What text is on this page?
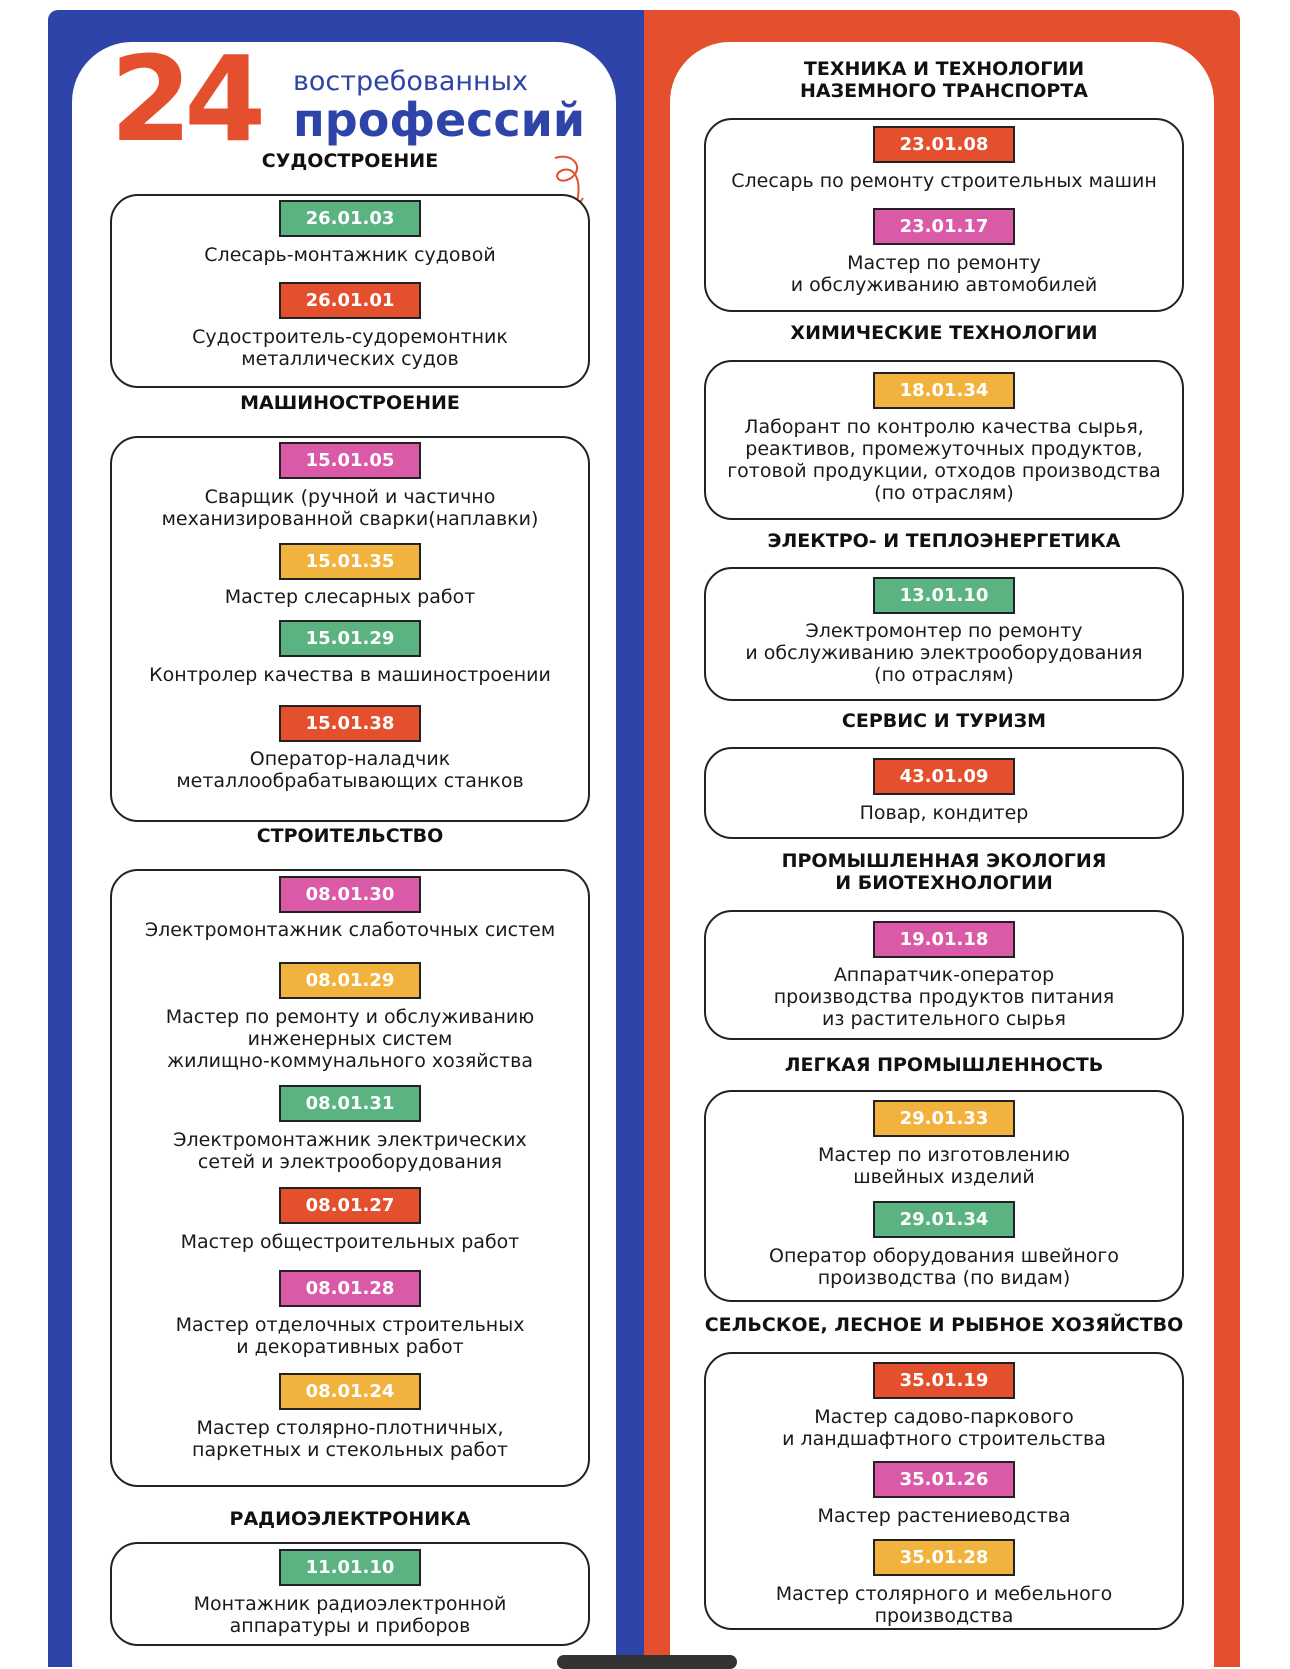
24 востребованных
профессий
СУДОСТРОЕНИЕ
26.01.03
Слесарь-монтажник судовой
26.01.01
Судостроитель-судоремонтник
металлических судов
МАШИНОСТРОЕНИЕ
15.01.05
Сварщик (ручной и частично
механизированной сварки(наплавки)
15.01.35
Мастер слесарных работ
15.01.29
Контролер качества в машиностроении
15.01.38
Оператор-наладчик
металлообрабатывающих станков
СТРОИТЕЛЬСТВО
08.01.30
Электромонтажник слаботочных систем
08.01.29
Мастер по ремонту и обслуживанию
инженерных систем
жилищно-коммунального хозяйства
08.01.31
Электромонтажник электрических
сетей и электрооборудования
08.01.27
Мастер общестроительных работ
08.01.28
Мастер отделочных строительных
и декоративных работ
08.01.24
Мастер столярно-плотничных,
паркетных и стекольных работ
РАДИОЭЛЕКТРОНИКА
11.01.10
Монтажник радиоэлектронной
аппаратуры и приборов
ТЕХНИКА И ТЕХНОЛОГИИ
НАЗЕМНОГО ТРАНСПОРТА
23.01.08
Слесарь по ремонту строительных машин
23.01.17
Мастер по ремонту
и обслуживанию автомобилей
ХИМИЧЕСКИЕ ТЕХНОЛОГИИ
18.01.34
Лаборант по контролю качества сырья,
реактивов, промежуточных продуктов,
готовой продукции, отходов производства
(по отраслям)
ЭЛЕКТРО- И ТЕПЛОЭНЕРГЕТИКА
13.01.10
Электромонтер по ремонту
и обслуживанию электрооборудования
(по отраслям)
СЕРВИС И ТУРИЗМ
43.01.09
Повар, кондитер
ПРОМЫШЛЕННАЯ ЭКОЛОГИЯ
И БИОТЕХНОЛОГИИ
19.01.18
Аппаратчик-оператор
производства продуктов питания
из растительного сырья
ЛЕГКАЯ ПРОМЫШЛЕННОСТЬ
29.01.33
Мастер по изготовлению
швейных изделий
29.01.34
Оператор оборудования швейного
производства (по видам)
СЕЛЬСКОЕ, ЛЕСНОЕ И РЫБНОЕ ХОЗЯЙСТВО
35.01.19
Мастер садово-паркового
и ландшафтного строительства
35.01.26
Мастер растениеводства
35.01.28
Мастер столярного и мебельного
производства
